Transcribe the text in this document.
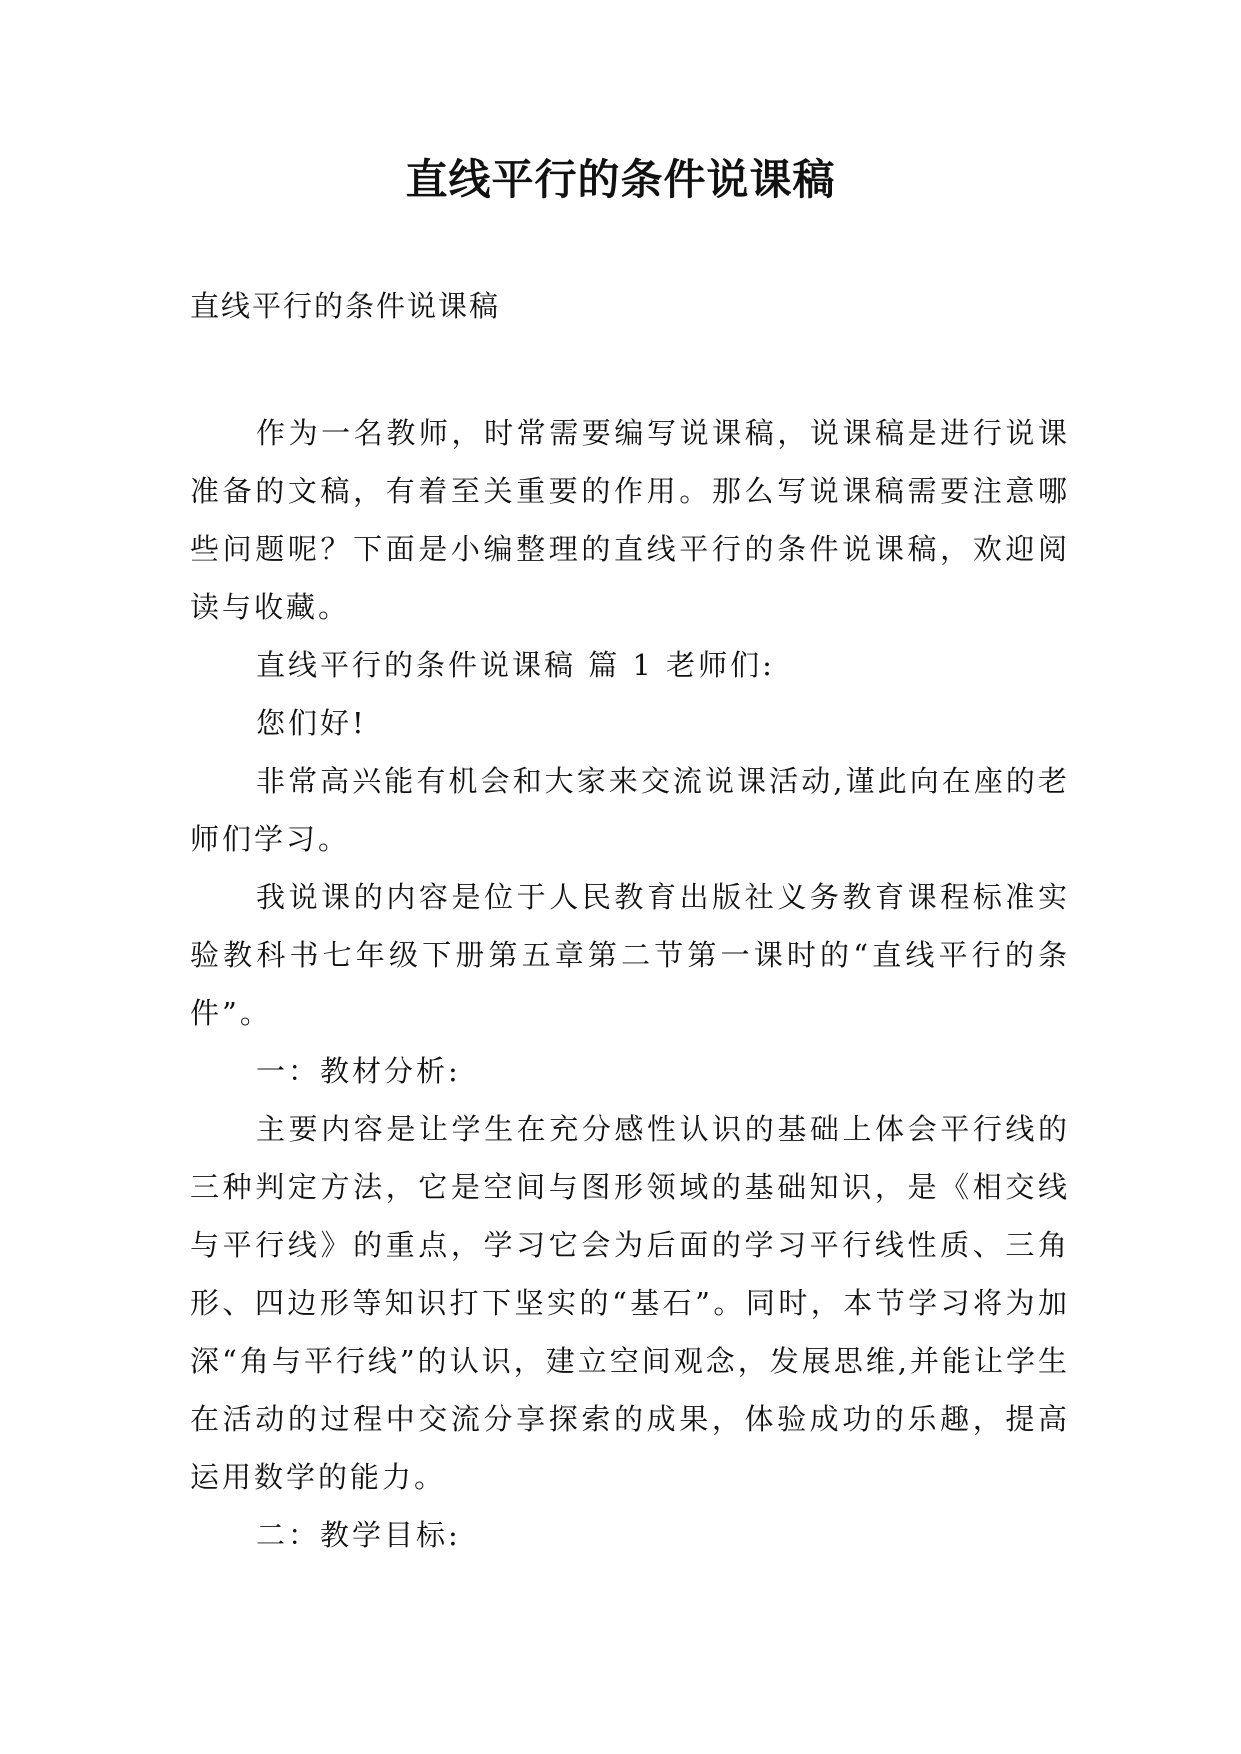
直线平行的条件说课稿
直线平行的条件说课稿

作为一名教师，时常需要编写说课稿，说课稿是进行说课准备的文稿，有着至关重要的作用。那么写说课稿需要注意哪些问题呢？下面是小编整理的直线平行的条件说课稿，欢迎阅读与收藏。

直线平行的条件说课稿 篇 1 老师们:

您们好!

非常高兴能有机会和大家来交流说课活动,谨此向在座的老师们学习。

我说课的内容是位于人民教育出版社义务教育课程标准实验教科书七年级下册第五章第二节第一课时的“直线平行的条件”。

一：教材分析:

主要内容是让学生在充分感性认识的基础上体会平行线的三种判定方法，它是空间与图形领域的基础知识，是《相交线与平行线》的重点，学习它会为后面的学习平行线性质、三角形、四边形等知识打下坚实的“基石”。同时，本节学习将为加深“角与平行线”的认识，建立空间观念，发展思维,并能让学生在活动的过程中交流分享探索的成果，体验成功的乐趣，提高运用数学的能力。

二：教学目标:
